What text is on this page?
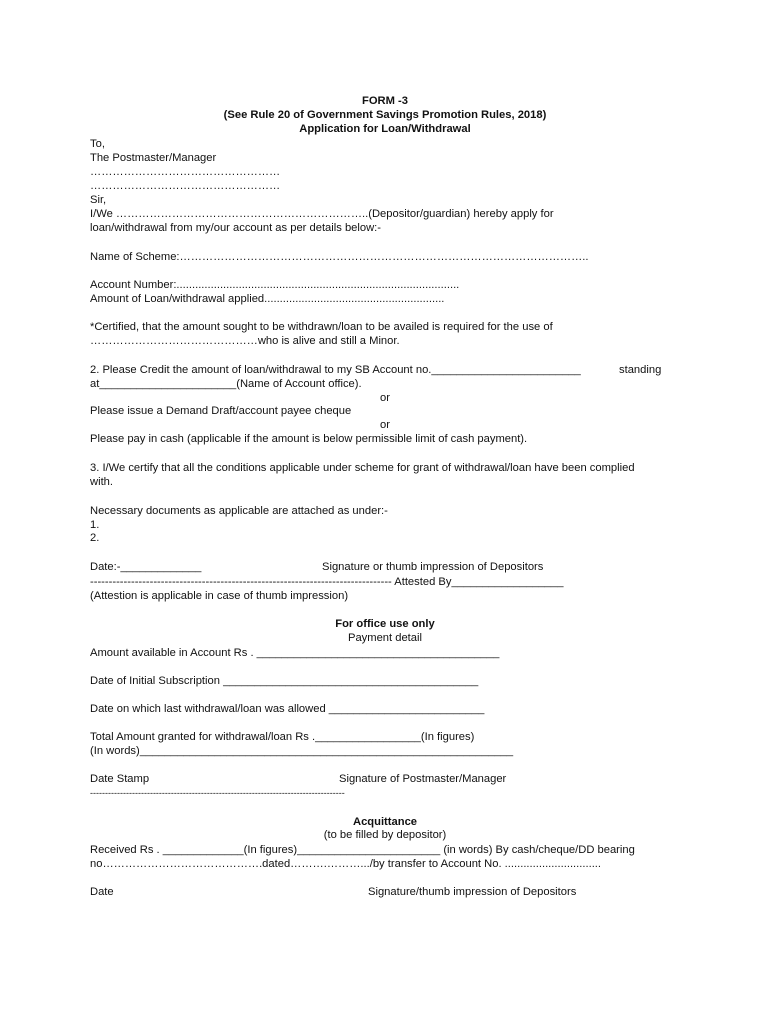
FORM -3
(See Rule 20 of Government Savings Promotion Rules, 2018)
Application for Loan/Withdrawal
To,
The Postmaster/Manager
……………………………………………
……………………………………………
Sir,
I/We …………………………………………………………..(Depositor/guardian) hereby apply for
loan/withdrawal from my/our account as per details below:-
Name of Scheme:………………………………………………………………………………………………..
Account Number:...........................................................................................
Amount of Loan/withdrawal applied..........................................................
*Certified, that the amount sought to be withdrawn/loan to be availed is required for the use of
………………………………………who is alive and still a Minor.
2. Please Credit the amount of loan/withdrawal to my SB Account no.________________________	standing
at______________________(Name of Account office).
or
Please issue a Demand Draft/account payee cheque
or
Please pay in cash (applicable if the amount is below permissible limit of cash payment).
3. I/We certify that all the conditions applicable under scheme for grant of withdrawal/loan have been complied
with.
Necessary documents as applicable are attached as under:-
1.
2.
Date:-_____________	Signature or thumb impression of Depositors
--------------------------------------------------------------------------------- Attested By__________________
(Attestion is applicable in case of thumb impression)
For office use only
Payment detail
Amount available in Account Rs . _______________________________________
Date of Initial Subscription _________________________________________
Date on which last withdrawal/loan was allowed _________________________
Total Amount granted for withdrawal/loan Rs ._________________(In figures)
(In words)____________________________________________________________
Date Stamp	Signature of Postmaster/Manager
-------------------------------------------------------------------------------------
Acquittance
(to be filled by depositor)
Received Rs . _____________(In figures)_______________________ (in words) By cash/cheque/DD bearing
no…………………………………….dated……….……….../by transfer to Account No. ...............................
Date	Signature/thumb impression of Depositors
